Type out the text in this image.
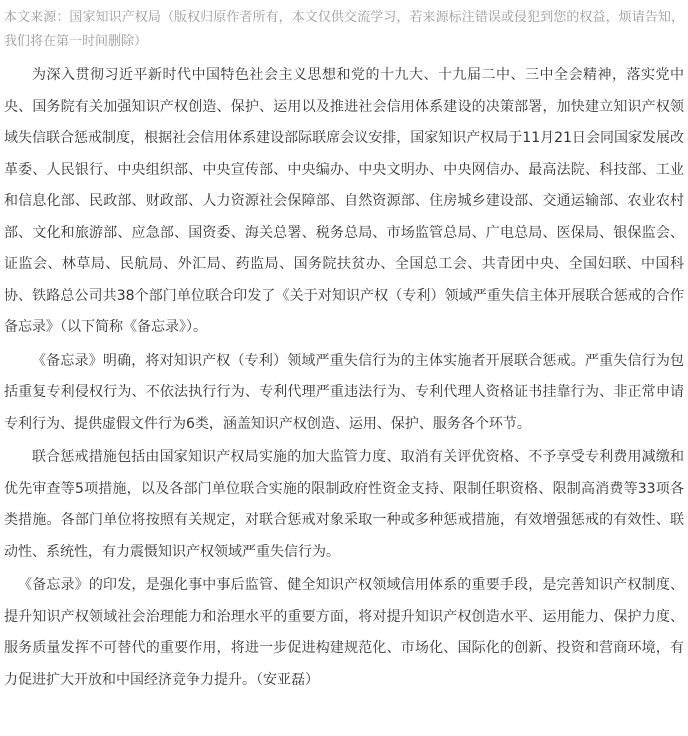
本文来源：国家知识产权局（版权归原作者所有，本文仅供交流学习，若来源标注错误或侵犯到您的权益，烦请告知，我们将在第一时间删除）

为深入贯彻习近平新时代中国特色社会主义思想和党的十九大、十九届二中、三中全会精神，落实党中央、国务院有关加强知识产权创造、保护、运用以及推进社会信用体系建设的决策部署，加快建立知识产权领域失信联合惩戒制度，根据社会信用体系建设部际联席会议安排，国家知识产权局于11月21日会同国家发展改革委、人民银行、中央组织部、中央宣传部、中央编办、中央文明办、中央网信办、最高法院、科技部、工业和信息化部、民政部、财政部、人力资源社会保障部、自然资源部、住房城乡建设部、交通运输部、农业农村部、文化和旅游部、应急部、国资委、海关总署、税务总局、市场监管总局、广电总局、医保局、银保监会、证监会、林草局、民航局、外汇局、药监局、国务院扶贫办、全国总工会、共青团中央、全国妇联、中国科协、铁路总公司共38个部门单位联合印发了《关于对知识产权（专利）领域严重失信主体开展联合惩戒的合作备忘录》（以下简称《备忘录》）。

《备忘录》明确，将对知识产权（专利）领域严重失信行为的主体实施者开展联合惩戒。严重失信行为包括重复专利侵权行为、不依法执行行为、专利代理严重违法行为、专利代理人资格证书挂靠行为、非正常申请专利行为、提供虚假文件行为6类，涵盖知识产权创造、运用、保护、服务各个环节。

联合惩戒措施包括由国家知识产权局实施的加大监管力度、取消有关评优资格、不予享受专利费用减缴和优先审查等5项措施，以及各部门单位联合实施的限制政府性资金支持、限制任职资格、限制高消费等33项各类措施。各部门单位将按照有关规定，对联合惩戒对象采取一种或多种惩戒措施，有效增强惩戒的有效性、联动性、系统性，有力震慑知识产权领域严重失信行为。

《备忘录》的印发，是强化事中事后监管、健全知识产权领域信用体系的重要手段，是完善知识产权制度、提升知识产权领域社会治理能力和治理水平的重要方面，将对提升知识产权创造水平、运用能力、保护力度、服务质量发挥不可替代的重要作用，将进一步促进构建规范化、市场化、国际化的创新、投资和营商环境，有力促进扩大开放和中国经济竞争力提升。（安亚磊）
